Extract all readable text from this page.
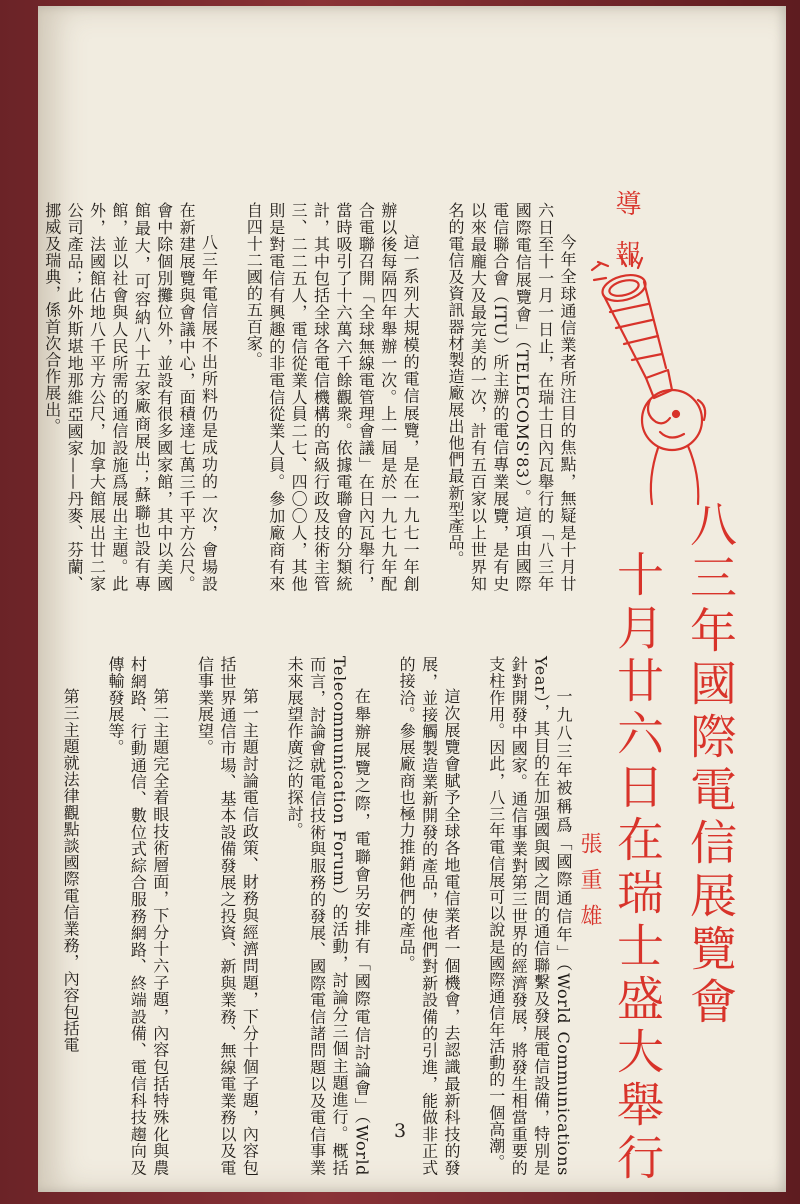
導報
八三年國際電信展覽會
十月廿六日在瑞士盛大舉行
張重雄

今年全球通信業者所注目的焦點，無疑是十月廿六日至十一月一日止，在瑞士日內瓦舉行的「八三年國際電信展覽會」（TELECOMS'83）。這項由國際電信聯合會（ITU）所主辦的電信專業展覽，是有史以來最龐大及最完美的一次，計有五百家以上世界知名的電信及資訊器材製造廠展出他們最新型產品。

這一系列大規模的電信展覽，是在一九七一年創辦以後每隔四年舉辦一次。上一屆是於一九七九年配合電聯召開「全球無線電管理會議」在日內瓦舉行，當時吸引了十六萬六千餘觀衆。依據電聯會的分類統計，其中包括全球各電信機構的高級行政及技術主管三、二二五人，電信從業人員二七、四〇〇人，其他則是對電信有興趣的非電信從業人員。參加廠商有來自四十二國的五百家。

八三年電信展不出所料仍是成功的一次，會場設在新建展覽與會議中心，面積達七萬三千平方公尺。會中除個別攤位外，並設有很多國家館，其中以美國館最大，可容納八十五家廠商展出；蘇聯也設有專館，並以社會與人民所需的通信設施爲展出主題。此外，法國館佔地八千平方公尺，加拿大館展出廿二家公司產品；此外斯堪地那維亞國家——丹麥、芬蘭、挪威及瑞典，係首次合作展出。

一九八三年被稱爲「國際通信年」（World Communications Year），其目的在加强國與國之間的通信聯繫及發展電信設備，特別是針對開發中國家。通信事業對第三世界的經濟發展，將發生相當重要的支柱作用。因此，八三年電信展可以說是國際通信年活動的一個高潮。

這次展覽會賦予全球各地電信業者一個機會，去認識最新科技的發展，並接觸製造業新開發的產品，使他們對新設備的引進，能做非正式的接洽。參展廠商也極力推銷他們的產品。

在舉辦展覽之際，電聯會另安排有「國際電信討論會」（World Telecommunication Forum）的活動，討論分三個主題進行。概括而言，討論會就電信技術與服務的發展、國際電信諸問題以及電信事業未來展望作廣泛的探討。

第一主題討論電信政策、財務與經濟問題，下分十個子題，內容包括世界通信市場、基本設備發展之投資、新與業務、無線電業務以及電信事業展望。

第二主題完全着眼技術層面，下分十六子題，內容包括特殊化與農村網路、行動通信、數位式綜合服務網路、終端設備、電信科技趨向及傳輸發展等。

第三主題就法律觀點談國際電信業務，內容包括電

3
